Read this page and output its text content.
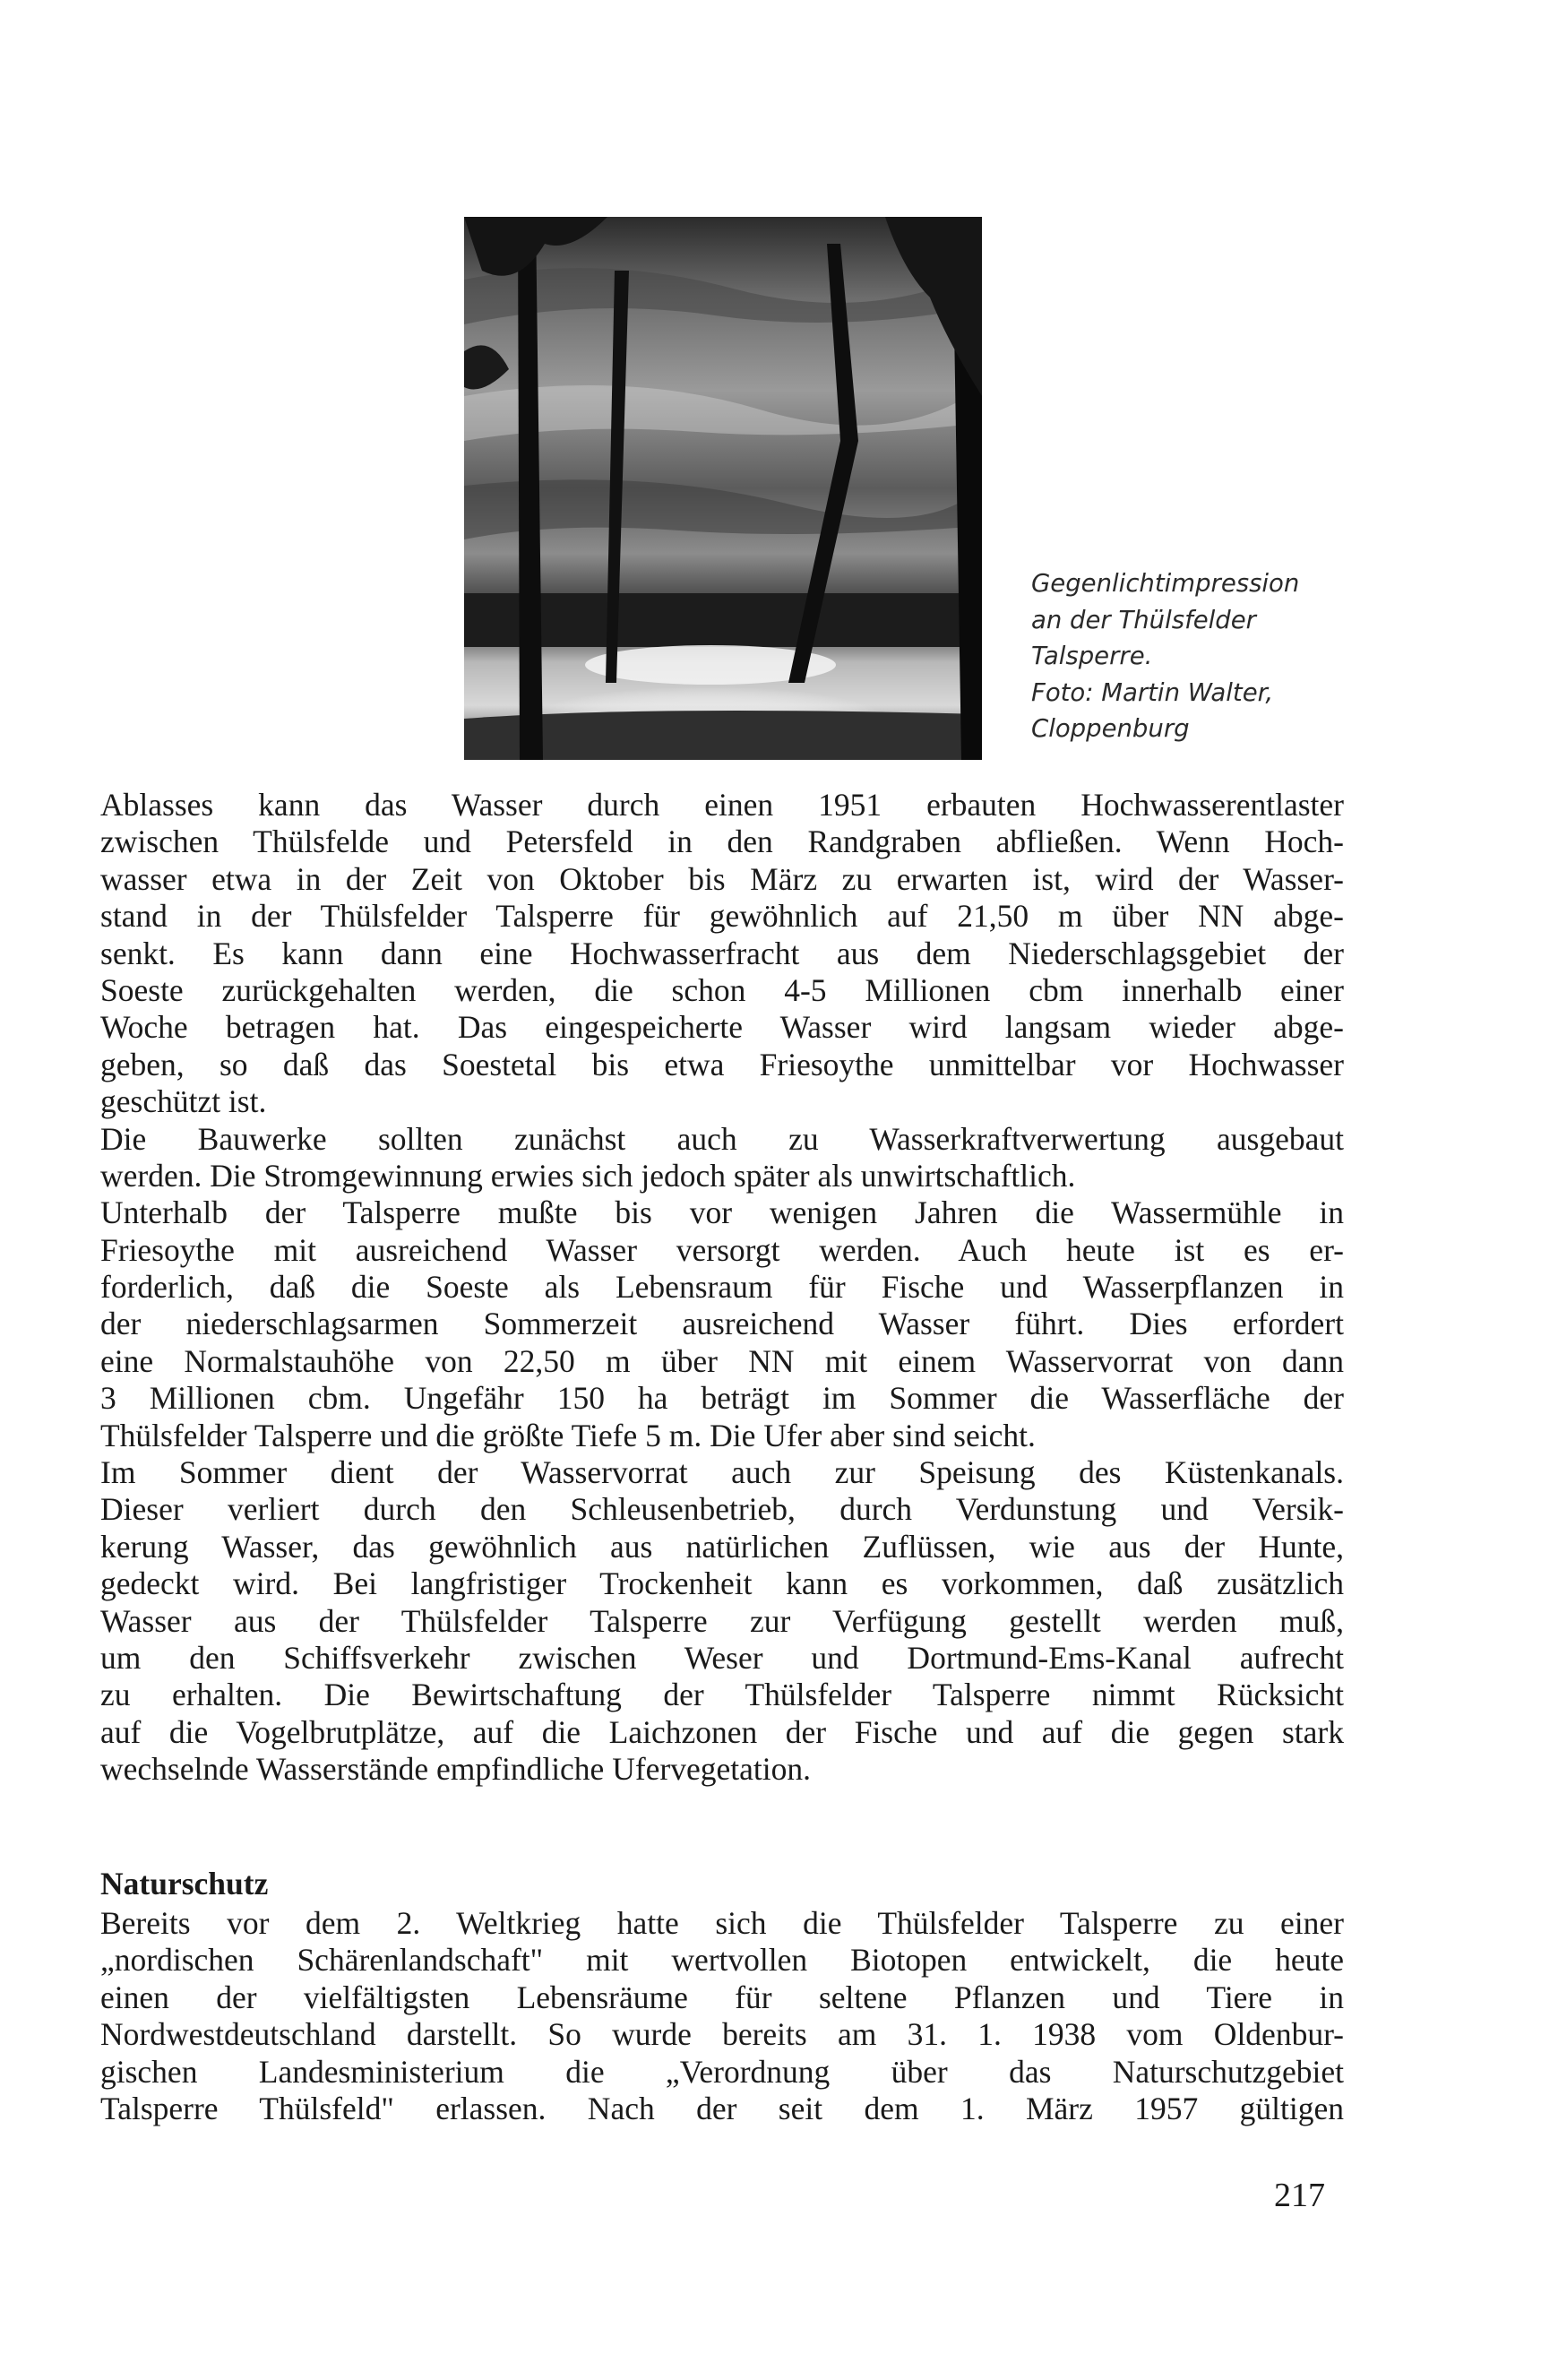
Gegenlichtimpression
an der Thülsfelder
Talsperre.
Foto: Martin Walter,
Cloppenburg
Ablasses kann das Wasser durch einen 1951 erbauten Hochwasserentlaster
zwischen Thülsfelde und Petersfeld in den Randgraben abfließen. Wenn Hoch-
wasser etwa in der Zeit von Oktober bis März zu erwarten ist, wird der Wasser-
stand in der Thülsfelder Talsperre für gewöhnlich auf 21,50 m über NN abge-
senkt. Es kann dann eine Hochwasserfracht aus dem Niederschlagsgebiet der
Soeste zurückgehalten werden, die schon 4-5 Millionen cbm innerhalb einer
Woche betragen hat. Das eingespeicherte Wasser wird langsam wieder abge-
geben, so daß das Soestetal bis etwa Friesoythe unmittelbar vor Hochwasser
geschützt ist.
Die Bauwerke sollten zunächst auch zu Wasserkraftverwertung ausgebaut
werden. Die Stromgewinnung erwies sich jedoch später als unwirtschaftlich.
Unterhalb der Talsperre mußte bis vor wenigen Jahren die Wassermühle in
Friesoythe mit ausreichend Wasser versorgt werden. Auch heute ist es er-
forderlich, daß die Soeste als Lebensraum für Fische und Wasserpflanzen in
der niederschlagsarmen Sommerzeit ausreichend Wasser führt. Dies erfordert
eine Normalstauhöhe von 22,50 m über NN mit einem Wasservorrat von dann
3 Millionen cbm. Ungefähr 150 ha beträgt im Sommer die Wasserfläche der
Thülsfelder Talsperre und die größte Tiefe 5 m. Die Ufer aber sind seicht.
Im Sommer dient der Wasservorrat auch zur Speisung des Küstenkanals.
Dieser verliert durch den Schleusenbetrieb, durch Verdunstung und Versik-
kerung Wasser, das gewöhnlich aus natürlichen Zuflüssen, wie aus der Hunte,
gedeckt wird. Bei langfristiger Trockenheit kann es vorkommen, daß zusätzlich
Wasser aus der Thülsfelder Talsperre zur Verfügung gestellt werden muß,
um den Schiffsverkehr zwischen Weser und Dortmund-Ems-Kanal aufrecht
zu erhalten. Die Bewirtschaftung der Thülsfelder Talsperre nimmt Rücksicht
auf die Vogelbrutplätze, auf die Laichzonen der Fische und auf die gegen stark
wechselnde Wasserstände empfindliche Ufervegetation.
Naturschutz
Bereits vor dem 2. Weltkrieg hatte sich die Thülsfelder Talsperre zu einer
„nordischen Schärenlandschaft" mit wertvollen Biotopen entwickelt, die heute
einen der vielfältigsten Lebensräume für seltene Pflanzen und Tiere in
Nordwestdeutschland darstellt. So wurde bereits am 31. 1. 1938 vom Oldenbur-
gischen Landesministerium die „Verordnung über das Naturschutzgebiet
Talsperre Thülsfeld" erlassen. Nach der seit dem 1. März 1957 gültigen
217
